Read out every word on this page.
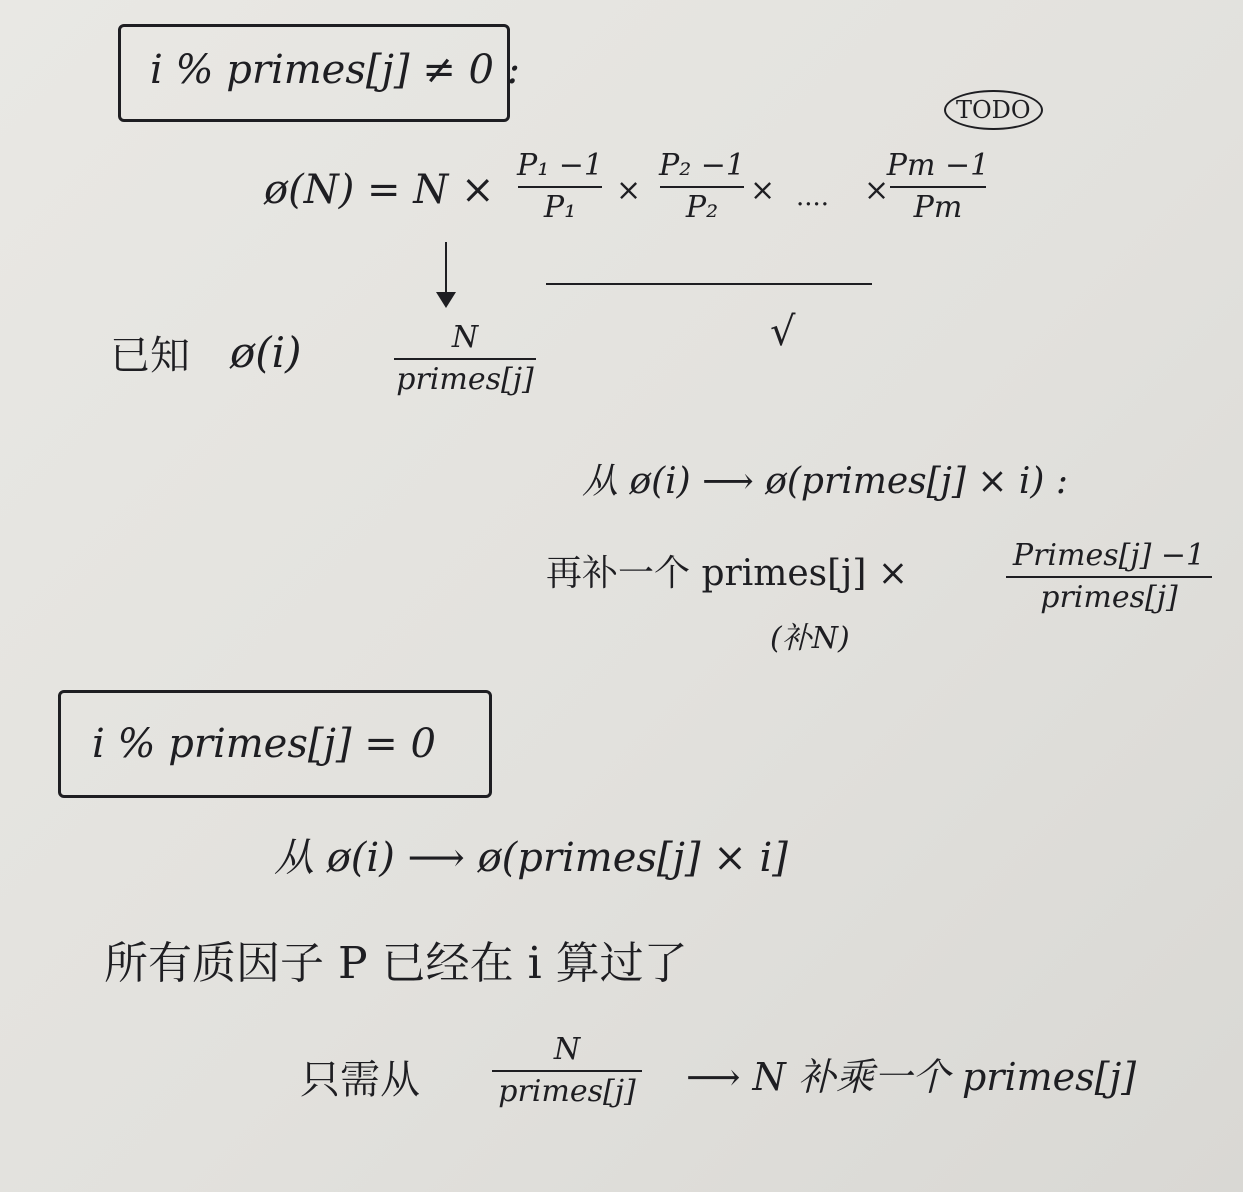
i % primes[j] ≠ 0 :
TODO
ø(N) = N ×
P₁ −1
P₁ ×
P₂ −1
P₂ × ···· ×
Pm −1
Pm
√
已知 ø(i)	N
primes[j]
从 ø(i) ⟶ ø(primes[j] × i) :
再补一个 primes[j] ×	Primes[j] −1
primes[j]
(补N)
i % primes[j] = 0
从 ø(i) ⟶ ø(primes[j] × i]
所有质因子 P 已经在 i 算过了
只需从
N
primes[j] ⟶ N 补乘一个 primes[j]
